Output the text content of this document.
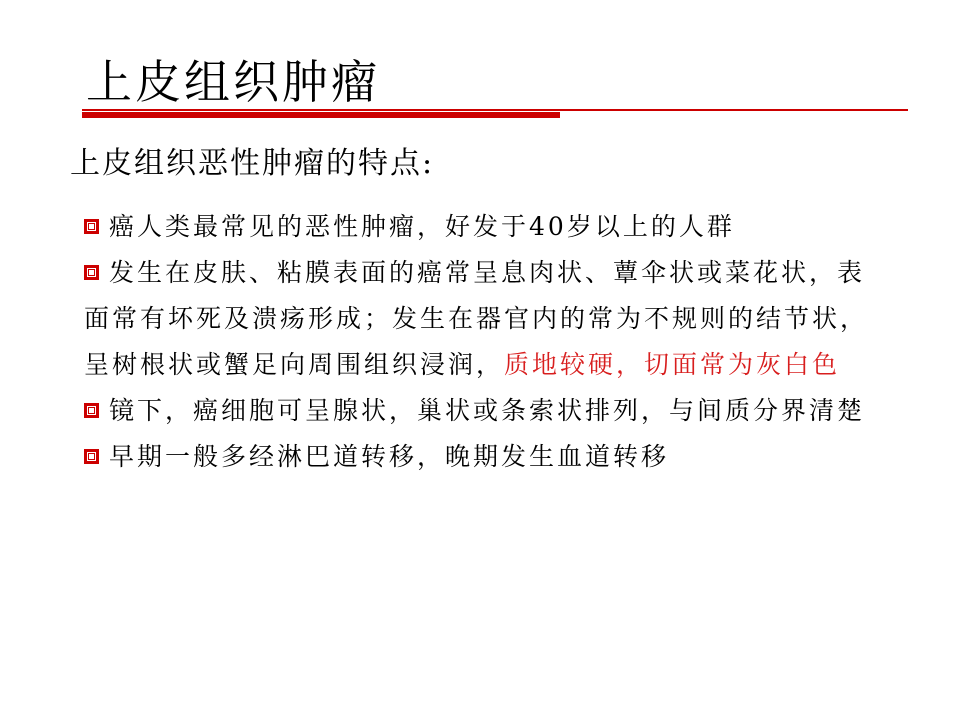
上皮组织肿瘤
上皮组织恶性肿瘤的特点:

癌人类最常见的恶性肿瘤，好发于40岁以上的人群

发生在皮肤、粘膜表面的癌常呈息肉状、蕈伞状或菜花状，表面常有坏死及溃疡形成；发生在器官内的常为不规则的结节状，呈树根状或蟹足向周围组织浸润，质地较硬，切面常为灰白色

镜下，癌细胞可呈腺状，巢状或条索状排列，与间质分界清楚

早期一般多经淋巴道转移，晚期发生血道转移
